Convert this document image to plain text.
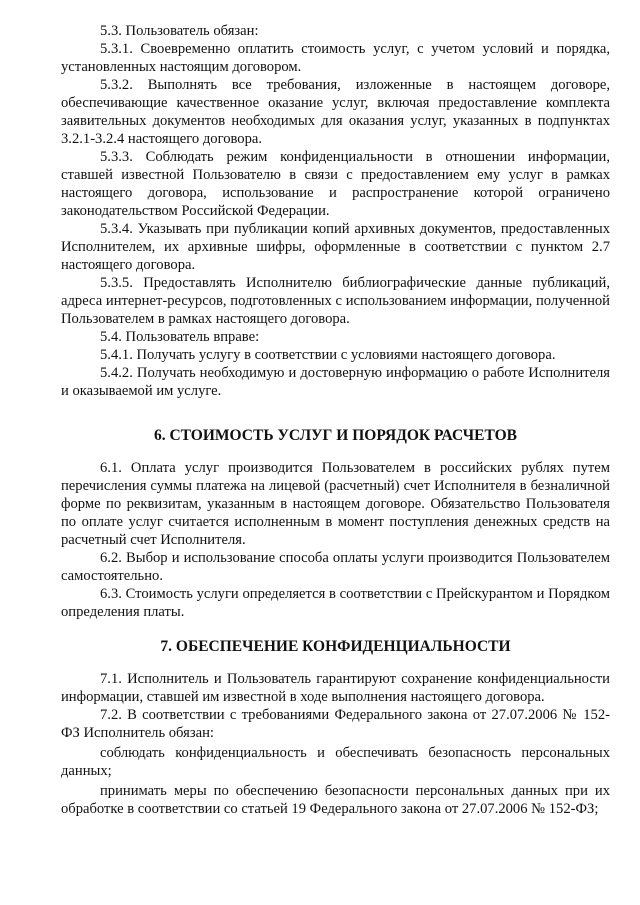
5.3. Пользователь обязан:

5.3.1. Своевременно оплатить стоимость услуг, с учетом условий и порядка, установленных настоящим договором.

5.3.2. Выполнять все требования, изложенные в настоящем договоре, обеспечивающие качественное оказание услуг, включая предоставление комплекта заявительных документов необходимых для оказания услуг, указанных в подпунктах 3.2.1-3.2.4 настоящего договора.

5.3.3. Соблюдать режим конфиденциальности в отношении информации, ставшей известной Пользователю в связи с предоставлением ему услуг в рамках настоящего договора, использование и распространение которой ограничено законодательством Российской Федерации.

5.3.4. Указывать при публикации копий архивных документов, предоставленных Исполнителем, их архивные шифры, оформленные в соответствии с пунктом 2.7 настоящего договора.

5.3.5. Предоставлять Исполнителю библиографические данные публикаций, адреса интернет-ресурсов, подготовленных с использованием информации, полученной Пользователем в рамках настоящего договора.

5.4. Пользователь вправе:

5.4.1. Получать услугу в соответствии с условиями настоящего договора.

5.4.2. Получать необходимую и достоверную информацию о работе Исполнителя и оказываемой им услуге.

6. СТОИМОСТЬ УСЛУГ И ПОРЯДОК РАСЧЕТОВ

6.1. Оплата услуг производится Пользователем в российских рублях путем перечисления суммы платежа на лицевой (расчетный) счет Исполнителя в безналичной форме по реквизитам, указанным в настоящем договоре. Обязательство Пользователя по оплате услуг считается исполненным в момент поступления денежных средств на расчетный счет Исполнителя.

6.2. Выбор и использование способа оплаты услуги производится Пользователем самостоятельно.

6.3. Стоимость услуги определяется в соответствии с Прейскурантом и Порядком определения платы.

7. ОБЕСПЕЧЕНИЕ КОНФИДЕНЦИАЛЬНОСТИ

7.1. Исполнитель и Пользователь гарантируют сохранение конфиденциальности информации, ставшей им известной в ходе выполнения настоящего договора.

7.2. В соответствии с требованиями Федерального закона от 27.07.2006 № 152-ФЗ Исполнитель обязан:

соблюдать конфиденциальность и обеспечивать безопасность персональных данных;

принимать меры по обеспечению безопасности персональных данных при их обработке в соответствии со статьей 19 Федерального закона от 27.07.2006 № 152-ФЗ;
